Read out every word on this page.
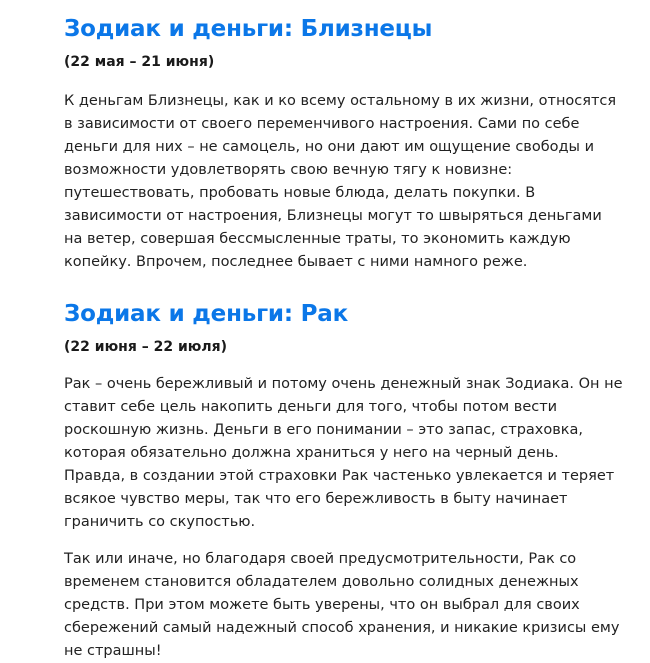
Зодиак и деньги: Близнецы
(22 мая – 21 июня)

К деньгам Близнецы, как и ко всему остальному в их жизни, относятся в зависимости от своего переменчивого настроения. Сами по себе деньги для них – не самоцель, но они дают им ощущение свободы и возможности удовлетворять свою вечную тягу к новизне: путешествовать, пробовать новые блюда, делать покупки. В зависимости от настроения, Близнецы могут то швыряться деньгами на ветер, совершая бессмысленные траты, то экономить каждую копейку. Впрочем, последнее бывает с ними намного реже.

Зодиак и деньги: Рак
(22 июня – 22 июля)

Рак – очень бережливый и потому очень денежный знак Зодиака. Он не ставит себе цель накопить деньги для того, чтобы потом вести роскошную жизнь. Деньги в его понимании – это запас, страховка, которая обязательно должна храниться у него на черный день. Правда, в создании этой страховки Рак частенько увлекается и теряет всякое чувство меры, так что его бережливость в быту начинает граничить со скупостью.

Так или иначе, но благодаря своей предусмотрительности, Рак со временем становится обладателем довольно солидных денежных средств. При этом можете быть уверены, что он выбрал для своих сбережений самый надежный способ хранения, и никакие кризисы ему не страшны!
